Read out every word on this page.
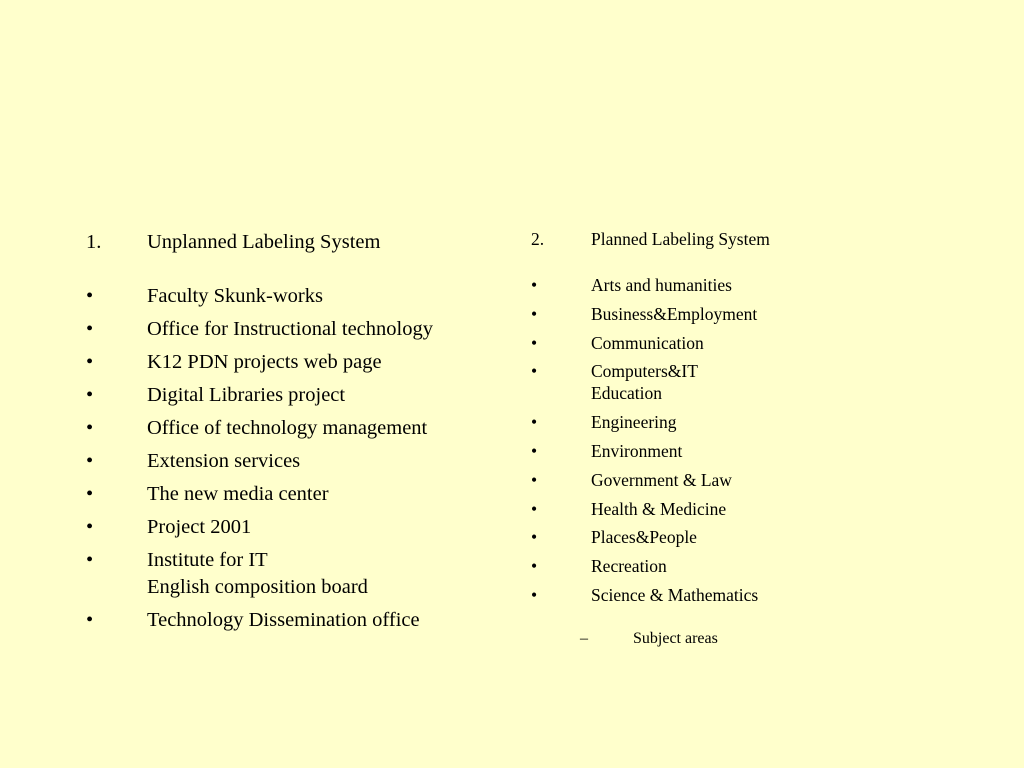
1. Unplanned Labeling System
•	Faculty Skunk-works
•	Office for Instructional technology
•	K12 PDN projects web page
•	Digital Libraries project
•	Office of technology management
•	Extension services
•	The new media center
•	Project 2001
•	Institute for IT
English composition board
•	Technology Dissemination office
2.	Planned Labeling System
•	Arts and humanities
•	Business&Employment
•	Communication
•	Computers&IT
Education
•	Engineering
•	Environment
•	Government & Law
•	Health & Medicine
•	Places&People
•	Recreation
•	Science & Mathematics
–	Subject areas
